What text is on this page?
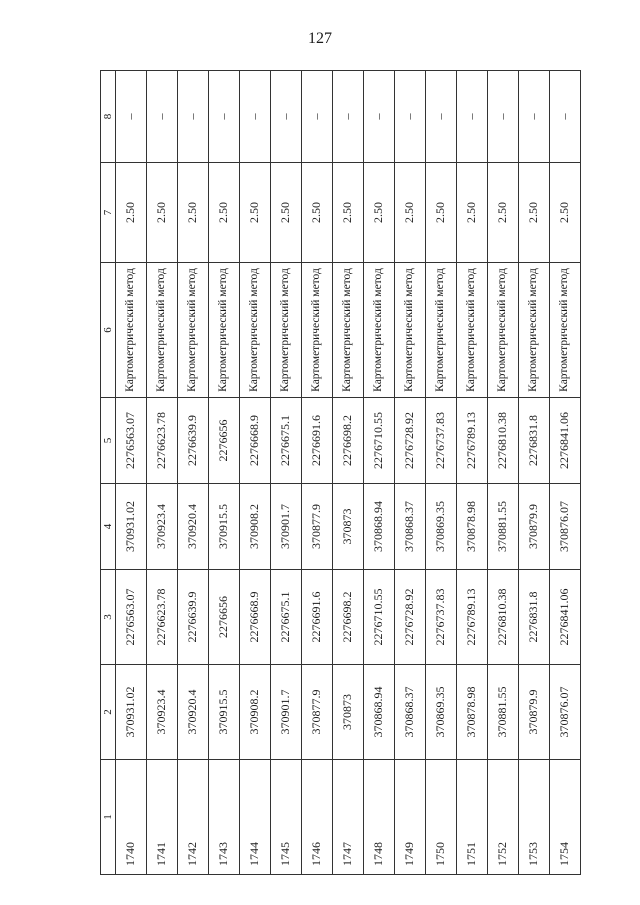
127
1	2	3	4	5	6	7	8
1740	370931.02	2276563.07	370931.02	2276563.07	Картометрический метод	2.50	–
1741	370923.4	2276623.78	370923.4	2276623.78	Картометрический метод	2.50	–
1742	370920.4	2276639.9	370920.4	2276639.9	Картометрический метод	2.50	–
1743	370915.5	2276656	370915.5	2276656	Картометрический метод	2.50	–
1744	370908.2	2276668.9	370908.2	2276668.9	Картометрический метод	2.50	–
1745	370901.7	2276675.1	370901.7	2276675.1	Картометрический метод	2.50	–
1746	370877.9	2276691.6	370877.9	2276691.6	Картометрический метод	2.50	–
1747	370873	2276698.2	370873	2276698.2	Картометрический метод	2.50	–
1748	370868.94	2276710.55	370868.94	2276710.55	Картометрический метод	2.50	–
1749	370868.37	2276728.92	370868.37	2276728.92	Картометрический метод	2.50	–
1750	370869.35	2276737.83	370869.35	2276737.83	Картометрический метод	2.50	–
1751	370878.98	2276789.13	370878.98	2276789.13	Картометрический метод	2.50	–
1752	370881.55	2276810.38	370881.55	2276810.38	Картометрический метод	2.50	–
1753	370879.9	2276831.8	370879.9	2276831.8	Картометрический метод	2.50	–
1754	370876.07	2276841.06	370876.07	2276841.06	Картометрический метод	2.50	–
